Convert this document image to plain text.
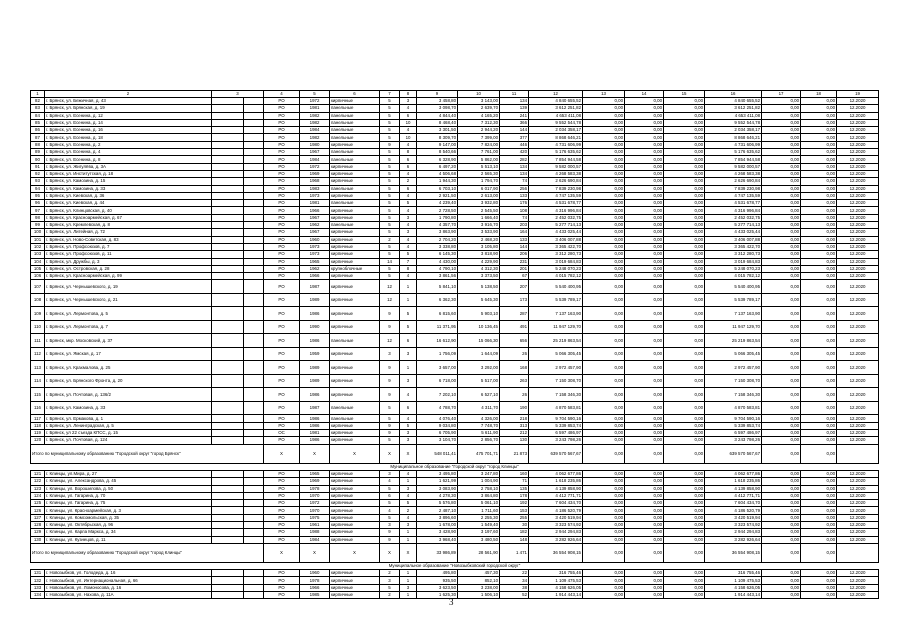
1	2	3		4	5	6	7	8	9	10	11	12	13	14	15	16	17	18	19
82	г. Брянск, ул. Бежичная, д. 43			РО	1972	кирпичные	5	3	3 458,80	3 143,00	134	4 840 655,52	0,00	0,00	0,00	4 840 655,52	0,00	0,00	12.2020
83	г. Брянск, ул. Брянская, д. 19			РО	1981	панельные	5	4	3 098,70	2 639,70	139	3 612 251,82	0,00	0,00	0,00	3 612 251,82	0,00	0,00	12.2020
84	г. Брянск, ул. Есенина, д. 12			РО	1982	панельные	5	6	4 844,40	4 165,20	241	4 653 411,08	0,00	0,00	0,00	4 653 411,08	0,00	0,00	12.2020
85	г. Брянск, ул. Есенина, д. 14			РО	1982	панельные	5	10	8 468,40	7 312,30	366	9 552 544,78	0,00	0,00	0,00	9 552 544,78	0,00	0,00	12.2020
86	г. Брянск, ул. Есенина, д. 16			РО	1984	панельные	5	4	3 301,50	2 944,20	144	2 034 358,17	0,00	0,00	0,00	2 034 358,17	0,00	0,00	12.2020
87	г. Брянск, ул. Есенина, д. 18			РО	1982	панельные	5	10	8 309,70	7 399,00	377	8 868 646,21	0,00	0,00	0,00	8 868 646,21	0,00	0,00	12.2020
88	г. Брянск, ул. Есенина, д. 2			РО	1980	кирпичные	9	4	9 147,00	7 824,00	446	4 731 606,99	0,00	0,00	0,00	4 731 606,99	0,00	0,00	12.2020
89	г. Брянск, ул. Есенина, д. 4			РО	1967	панельные	5	8	8 540,66	7 761,00	420	5 176 635,62	0,00	0,00	0,00	5 176 635,62	0,00	0,00	12.2020
90	г. Брянск, ул. Есенина, д. 8			РО	1984	панельные	5	6	6 328,90	5 862,00	282	7 854 944,58	0,00	0,00	0,00	7 854 944,58	0,00	0,00	12.2020
91	г. Брянск, ул. Жигулёва, д. 3А			РО	1972	кирпичные	5	6	6 497,20	5 513,10	134	9 582 000,57	0,00	0,00	0,00	9 582 000,57	0,00	0,00	12.2020
92	г. Брянск, ул. Институтская, д. 18			РО	1969	кирпичные	5	4	4 506,68	2 565,30	134	4 268 583,38	0,00	0,00	0,00	4 268 583,38	0,00	0,00	12.2020
93	г. Брянск, ул. Камозина, д. 15			РО	1968	кирпичные	5	2	1 944,30	1 794,70	74	2 626 690,84	0,00	0,00	0,00	2 626 690,84	0,00	0,00	12.2020
94	г. Брянск, ул. Камозина, д. 33			РО	1983	панельные	5	6	6 703,10	6 017,90	256	7 839 230,98	0,00	0,00	0,00	7 839 230,98	0,00	0,00	12.2020
95	г. Брянск, ул. Киевская, д. 36			РО	1973	кирпичные	5	4	2 921,50	2 613,00	133	4 747 135,59	0,00	0,00	0,00	4 747 135,59	0,00	0,00	12.2020
96	г. Брянск, ул. Киевская, д. 44			РО	1981	панельные	5	5	4 239,40	3 932,80	176	4 531 678,77	0,00	0,00	0,00	4 531 678,77	0,00	0,00	12.2020
97	г. Брянск, ул. Клинцовская, д. 40			РО	1966	кирпичные	5	4	2 728,50	2 545,50	108	4 316 996,84	0,00	0,00	0,00	4 316 996,84	0,00	0,00	12.2020
98	г. Брянск, ул. Красноармейская, д. 67			РО	1967	кирпичные	5	3	1 790,80	1 666,40	74	2 452 032,75	0,00	0,00	0,00	2 452 032,75	0,00	0,00	12.2020
99	г. Брянск, ул. Кремлевская, д. 8			РО	1962	панельные	5	4	4 357,70	3 916,70	203	5 277 714,13	0,00	0,00	0,00	5 277 714,13	0,00	0,00	12.2020
100	г. Брянск, ул. Литейная, д. 72			РО	1967	кирпичные	5	3	3 863,90	3 533,90	164	4 433 025,44	0,00	0,00	0,00	4 433 025,44	0,00	0,00	12.2020
101	г. Брянск, ул. Ново-Советская, д. 83			РО	1960	кирпичные	2	4	2 704,20	2 468,20	133	3 406 007,88	0,00	0,00	0,00	3 406 007,88	0,00	0,00	12.2020
102	г. Брянск, ул. Профсоюзов, д. 7			РО	1973	кирпичные	5	4	3 338,80	3 105,80	144	3 365 422,70	0,00	0,00	0,00	3 365 422,70	0,00	0,00	12.2020
103	г. Брянск, ул. Профсоюзов, д. 11			РО	1973	кирпичные	5	5	6 145,30	3 818,90	206	3 312 280,73	0,00	0,00	0,00	3 312 280,73	0,00	0,00	12.2020
104	г. Брянск, ул. Дружбы, д. 3			РО	1965	кирпичные	14	7	4 430,00	4 229,90	231	3 019 684,83	0,00	0,00	0,00	3 019 684,83	0,00	0,00	12.2020
105	г. Брянск, ул. Островская, д. 28			РО	1962	крупноблочные	5	8	4 790,10	4 312,30	201	5 248 070,23	0,00	0,00	0,00	5 248 070,23	0,00	0,00	12.2020
106	г. Брянск, ул. Красноармейская, д. 99			РО	1966	кирпичные	5	4	3 861,56	3 373,50	67	4 015 782,12	0,00	0,00	0,00	4 015 782,12	0,00	0,00	12.2020
107	г. Брянск, ул. Чернышевского, д. 19			РО	1987	кирпичные	12	1	5 841,10	5 138,50	207	5 540 400,95	0,00	0,00	0,00	5 540 400,95	0,00	0,00	12.2020
108	г. Брянск, ул. Чернышевского, д. 21			РО	1989	кирпичные	12	1	6 362,30	5 645,30	173	5 539 789,17	0,00	0,00	0,00	5 539 789,17	0,00	0,00	12.2020
109	г. Брянск, ул. Лермонтова, д. 5			РО	1986	кирпичные	9	5	6 815,60	5 903,10	287	7 137 163,90	0,00	0,00	0,00	7 137 163,90	0,00	0,00	12.2020
110	г. Брянск, ул. Лермонтова, д. 7			РО	1990	кирпичные	9	5	11 371,95	10 136,45	491	11 947 129,70	0,00	0,00	0,00	11 947 129,70	0,00	0,00	12.2020
111	г. Брянск, мкр. Московский, д. 37			РО	1986	панельные	12	6	16 612,90	15 066,30	656	25 219 863,54	0,00	0,00	0,00	25 219 863,54	0,00	0,00	12.2020
112	г. Брянск, ул. Ямская, д. 17			РО	1959	кирпичные	3	3	1 756,09	1 644,09	26	5 066 305,45	0,00	0,00	0,00	5 066 305,45	0,00	0,00	12.2020
113	г. Брянск, ул. Крахмалова, д. 25			РО	1989	кирпичные	9	1	3 657,00	3 292,00	168	2 972 457,90	0,00	0,00	0,00	2 972 457,90	0,00	0,00	12.2020
114	г. Брянск, ул. Брянского Фронта, д. 20			РО	1989	кирпичные	9	3	6 718,00	5 517,00	263	7 150 308,70	0,00	0,00	0,00	7 150 308,70	0,00	0,00	12.2020
115	г. Брянск, ул. Почтовая, д. 136/2			РО	1986	кирпичные	9	4	7 202,10	6 527,10	26	7 158 346,30	0,00	0,00	0,00	7 158 346,30	0,00	0,00	12.2020
116	г. Брянск, ул. Камозина, д. 33			РО	1987	панельные	5	6	4 788,70	4 311,70	190	4 870 583,81	0,00	0,00	0,00	4 870 583,81	0,00	0,00	12.2020
117	г. Брянск, ул. Ермакова, д. 1			РО	1986	панельные	5	4	4 076,40	4 326,00	218	9 704 590,16	0,00	0,00	0,00	9 704 590,16	0,00	0,00	12.2020
118	г. Брянск, ул. Ленинградская, д. 5			РО	1986	кирпичные	9	5	9 034,80	7 748,70	313	5 339 853,74	0,00	0,00	0,00	5 339 853,74	0,00	0,00	12.2020
119	г. Брянск, ул 22 съезда КПСС, д. 15			ОС	1981	кирпичные	9	3	6 705,90	5 611,90	212	6 597 486,97	0,00	0,00	0,00	6 597 486,97	0,00	0,00	12.2020
120	г. Брянск, ул. Почтовая, д. 124			РО	1986	кирпичные	5	3	3 104,70	2 856,70	130	3 243 798,26	0,00	0,00	0,00	3 243 798,26	0,00	0,00	12.2020
Итого по муниципальному образованию "Городской округ "город Брянск"				X	X	X	X	X	548 011,41	475 701,71	21 873	639 570 567,67	0,00	0,00	0,00	639 570 567,67	0,00	0,00	
Муниципальное образование "Городской округ "город Клинцы"																			
121	г. Клинцы, ул.Мира, д. 27			РО	1965	кирпичные	3	4	3 495,80	3 247,80	160	4 062 677,86	0,00	0,00	0,00	4 062 677,86	0,00	0,00	12.2020
122	г. Клинцы, ул. Александрова, д. 45			РО	1969	кирпичные	4	1	1 621,99	1 004,90	71	1 618 235,86	0,00	0,00	0,00	1 618 235,86	0,00	0,00	12.2020
123	г. Клинцы, ул. Ворошилова, д. 50			РО	1978	кирпичные	5	3	3 083,90	2 758,10	135	4 139 858,90	0,00	0,00	0,00	4 139 858,90	0,00	0,00	12.2020
124	г. Клинцы, ул. Гагарина, д. 70			РО	1970	кирпичные	6	4	4 278,30	3 864,80	178	4 412 771,71	0,00	0,00	0,00	4 412 771,71	0,00	0,00	12.2020
125	г. Клинцы, ул. Гагарина, д. 75			РО	1972	кирпичные	5	5	5 576,80	5 061,10	192	7 604 434,70	0,00	0,00	0,00	7 604 434,70	0,00	0,00	12.2020
126	г. Клинцы, ул. Красноармейская, д. 3			РО	1970	кирпичные	4	2	2 487,10	1 711,60	153	4 186 520,79	0,00	0,00	0,00	4 186 520,79	0,00	0,00	12.2020
127	г. Клинцы, ул. Комсомольская, д. 35			РО	1975	кирпичные	5	4	3 896,60	2 255,30	255	3 420 519,94	0,00	0,00	0,00	3 420 519,94	0,00	0,00	12.2020
128	г. Клинцы, ул. Октябрьская, д. 96			РО	1961	кирпичные	3	3	1 678,00	1 549,40	30	3 323 574,92	0,00	0,00	0,00	3 323 574,92	0,00	0,00	12.2020
129	г. Клинцы, ул. Карла Маркса, д. 34			РО	1988	кирпичные	9	1	3 428,90	3 197,60	182	2 944 294,83	0,00	0,00	0,00	2 944 294,83	0,00	0,00	12.2020
130	г. Клинцы, ул. Кузнецов, д. 11			РО	1984	кирпичные	9	1	3 968,40	3 480,50	148	3 282 926,64	0,00	0,00	0,00	3 282 926,64	0,00	0,00	12.2020
Итого по муниципальному образованию "Городской округ "город Клинцы"				X	X	X	X	X	33 986,89	28 561,90	1 471	36 554 908,15	0,00	0,00	0,00	36 554 908,15	0,00	0,00	
Муниципальное образование "Новозыбковский городской округ"																			
131	г. Новозыбков, ул. Голодеда, д. 16			РО	1960	кирпичные	2	1	495,80	457,30	22	316 755,46	0,00	0,00	0,00	316 755,46	0,00	0,00	12.2020
132	г. Новозыбков, ул. Интернациональная, д. 66			РО	1978	кирпичные	3	1	935,50	852,10	34	1 109 475,53	0,00	0,00	0,00	1 109 475,53	0,00	0,00	12.2020
133	г. Новозыбков, ул. Ломоносова, д. 16			РО	1966	кирпичные	5	3	3 623,50	3 238,00	38	4 158 626,05	0,00	0,00	0,00	4 158 626,05	0,00	0,00	12.2020
134	г. Новозыбков, ул. Нахова, д. 11А			РО	1985	кирпичные	2	1	1 625,30	1 506,10	52	1 914 443,14	0,00	0,00	0,00	1 914 443,14	0,00	0,00	12.2020
3
